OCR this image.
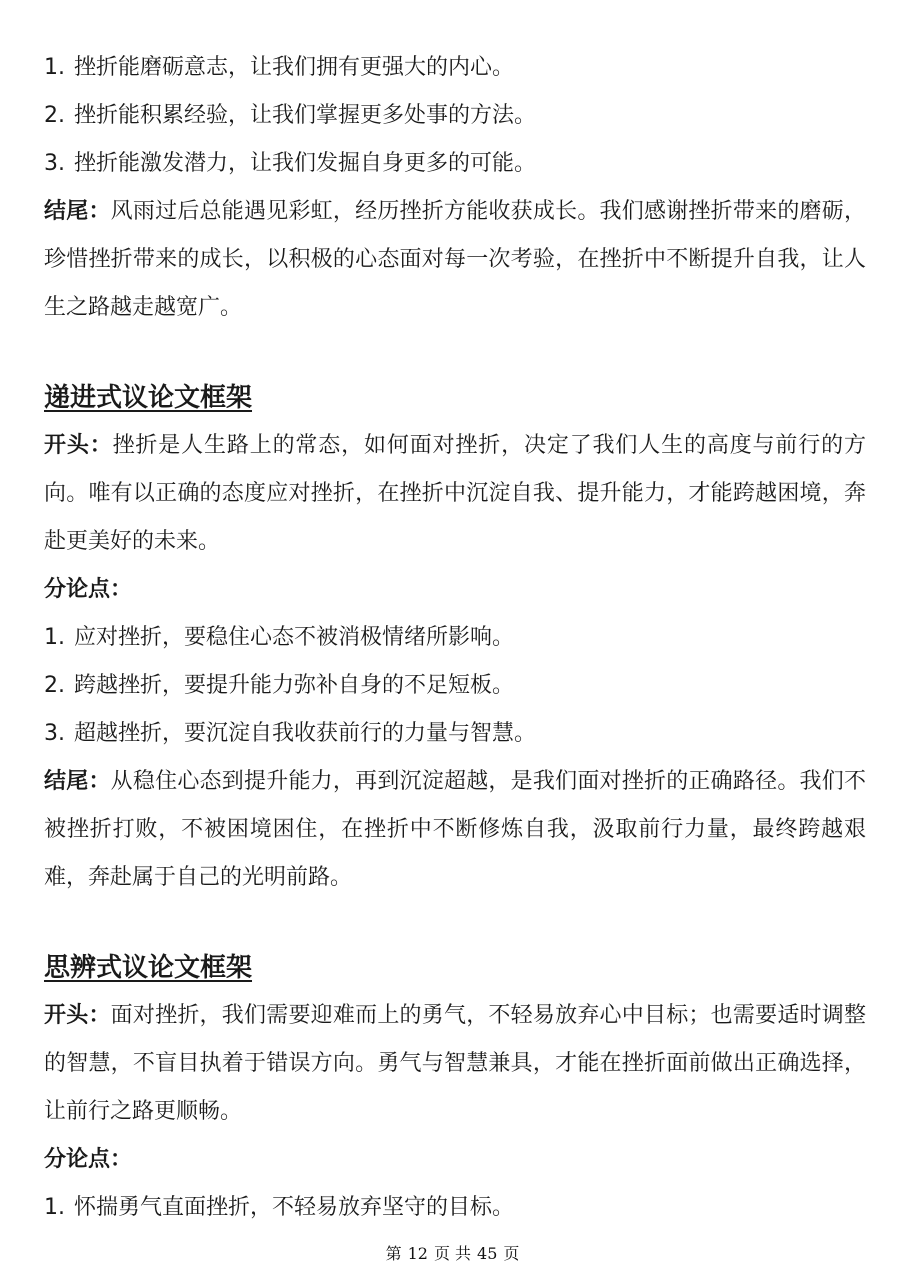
1. 挫折能磨砺意志，让我们拥有更强大的内心。
2. 挫折能积累经验，让我们掌握更多处事的方法。
3. 挫折能激发潜力，让我们发掘自身更多的可能。
结尾：风雨过后总能遇见彩虹，经历挫折方能收获成长。我们感谢挫折带来的磨砺，珍惜挫折带来的成长，以积极的心态面对每一次考验，在挫折中不断提升自我，让人生之路越走越宽广。
递进式议论文框架
开头：挫折是人生路上的常态，如何面对挫折，决定了我们人生的高度与前行的方向。唯有以正确的态度应对挫折，在挫折中沉淀自我、提升能力，才能跨越困境，奔赴更美好的未来。
分论点：
1. 应对挫折，要稳住心态不被消极情绪所影响。
2. 跨越挫折，要提升能力弥补自身的不足短板。
3. 超越挫折，要沉淀自我收获前行的力量与智慧。
结尾：从稳住心态到提升能力，再到沉淀超越，是我们面对挫折的正确路径。我们不被挫折打败，不被困境困住，在挫折中不断修炼自我，汲取前行力量，最终跨越艰难，奔赴属于自己的光明前路。
思辨式议论文框架
开头：面对挫折，我们需要迎难而上的勇气，不轻易放弃心中目标；也需要适时调整的智慧，不盲目执着于错误方向。勇气与智慧兼具，才能在挫折面前做出正确选择，让前行之路更顺畅。
分论点：
1. 怀揣勇气直面挫折，不轻易放弃坚守的目标。
第 12 页 共 45 页
